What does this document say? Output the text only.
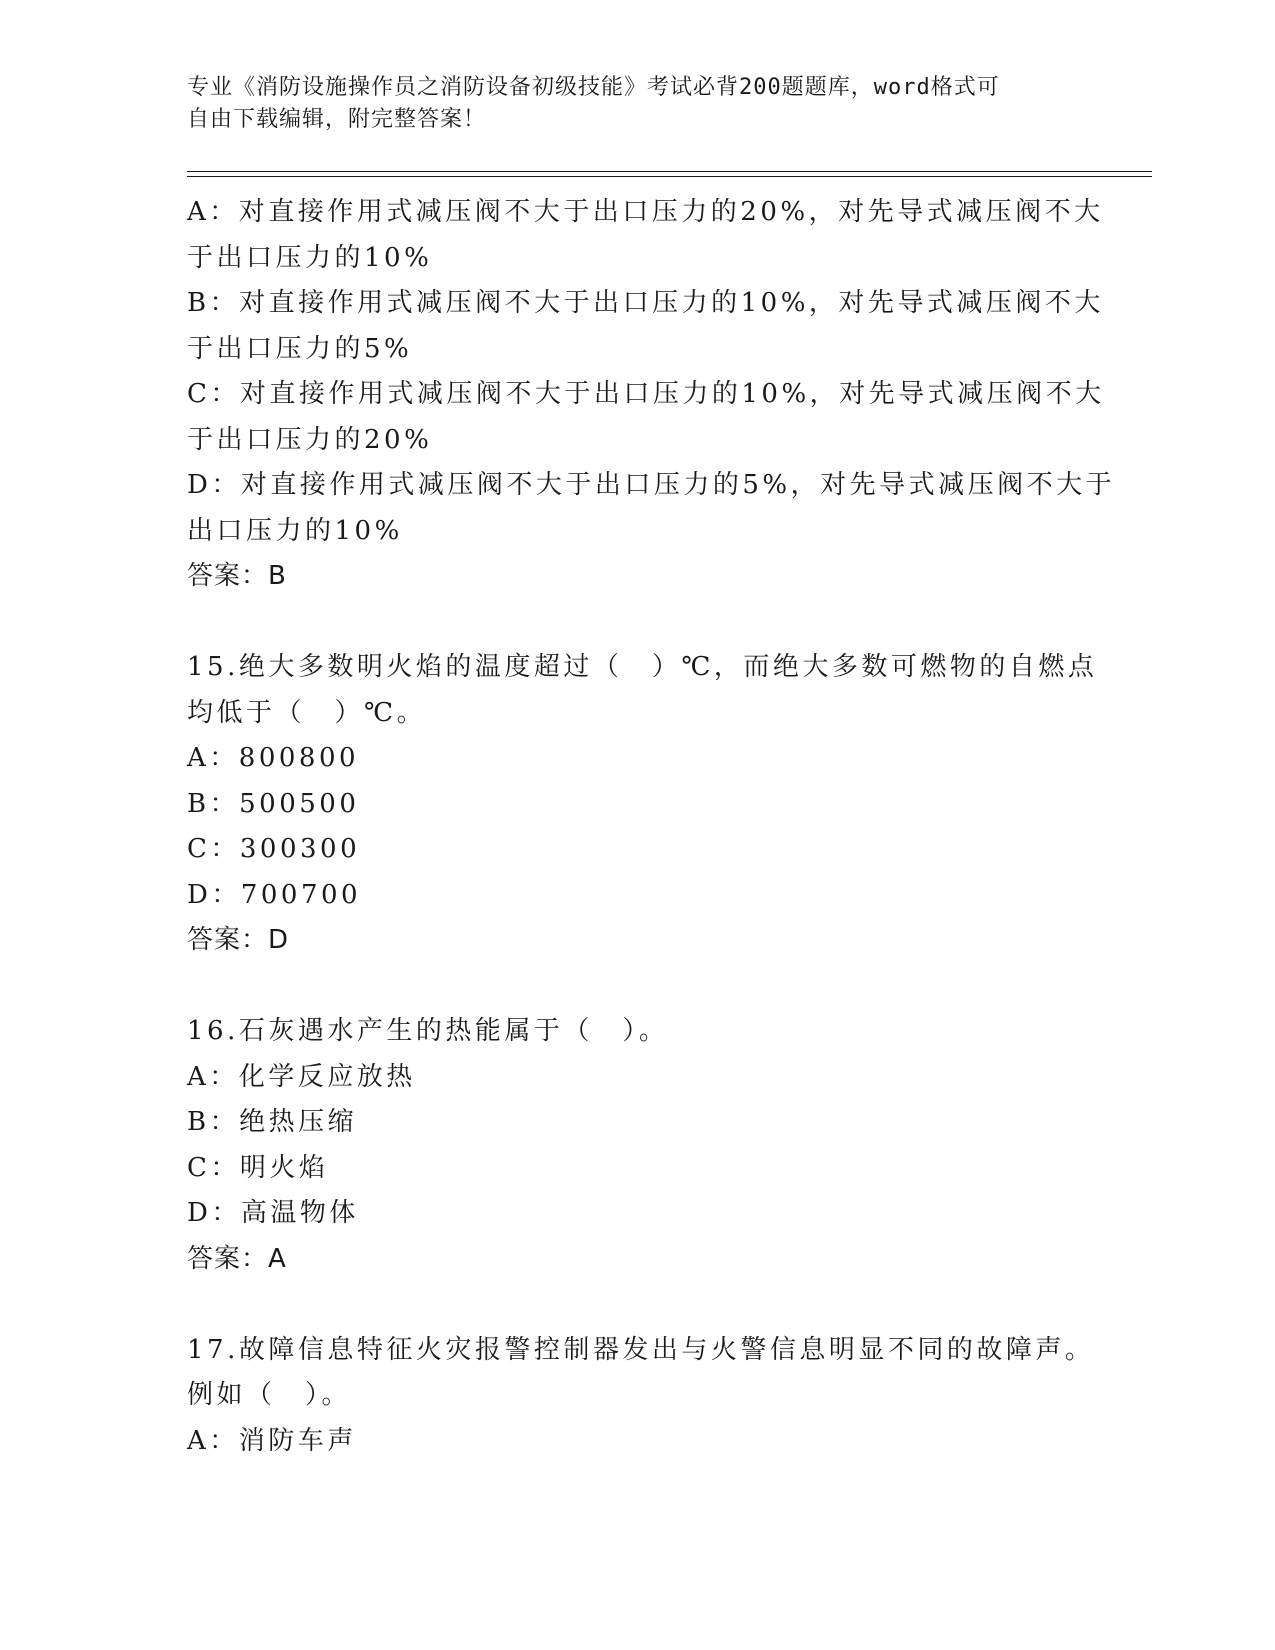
专业《消防设施操作员之消防设备初级技能》考试必背200题题库，word格式可
自由下载编辑，附完整答案！
A：对直接作用式减压阀不大于出口压力的20%，对先导式减压阀不大
于出口压力的10%
B：对直接作用式减压阀不大于出口压力的10%，对先导式减压阀不大
于出口压力的5%
C：对直接作用式减压阀不大于出口压力的10%，对先导式减压阀不大
于出口压力的20%
D：对直接作用式减压阀不大于出口压力的5%，对先导式减压阀不大于
出口压力的10%
答案：B
15.绝大多数明火焰的温度超过（　）℃，而绝大多数可燃物的自燃点
均低于（　）℃。
A：800800
B：500500
C：300300
D：700700
答案：D
16.石灰遇水产生的热能属于（　）。
A：化学反应放热
B：绝热压缩
C：明火焰
D：高温物体
答案：A
17.故障信息特征火灾报警控制器发出与火警信息明显不同的故障声。
例如（　）。
A：消防车声
